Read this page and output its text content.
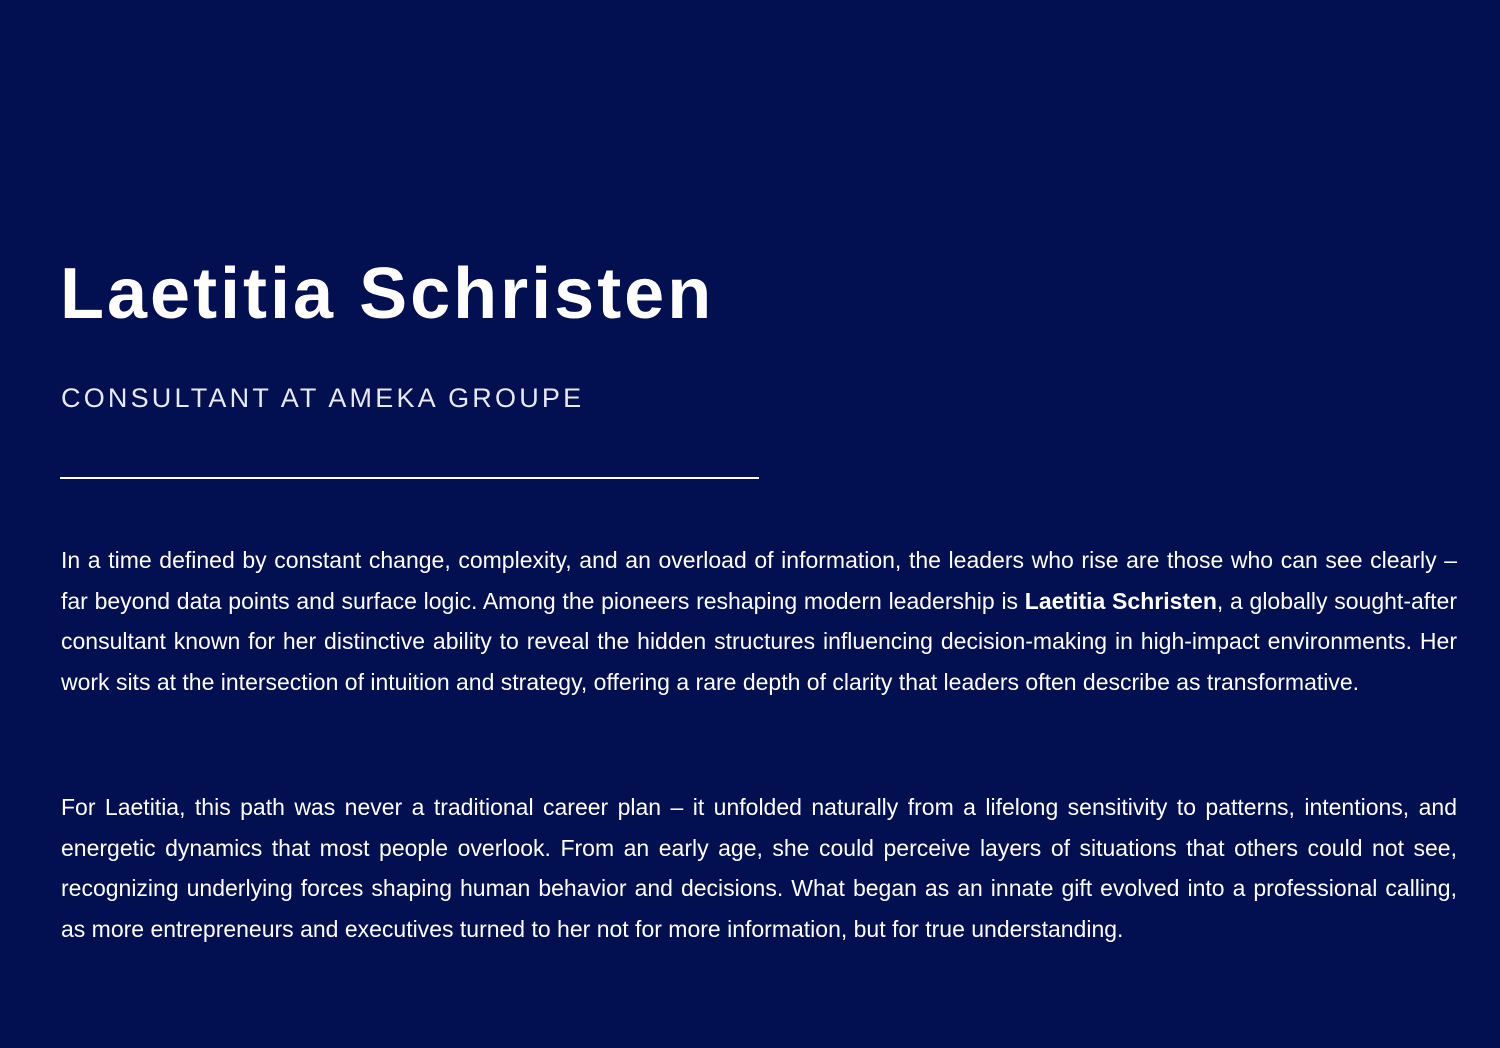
Laetitia Schristen
CONSULTANT AT AMEKA GROUPE

In a time defined by constant change, complexity, and an overload of information, the leaders who rise are those who can see clearly – far beyond data points and surface logic. Among the pioneers reshaping modern leadership is Laetitia Schristen, a globally sought-after consultant known for her distinctive ability to reveal the hidden structures influencing decision-making in high-impact environments. Her work sits at the intersection of intuition and strategy, offering a rare depth of clarity that leaders often describe as transformative.

For Laetitia, this path was never a traditional career plan – it unfolded naturally from a lifelong sensitivity to patterns, intentions, and energetic dynamics that most people overlook. From an early age, she could perceive layers of situations that others could not see, recognizing underlying forces shaping human behavior and decisions. What began as an innate gift evolved into a professional calling, as more entrepreneurs and executives turned to her not for more information, but for true understanding.
